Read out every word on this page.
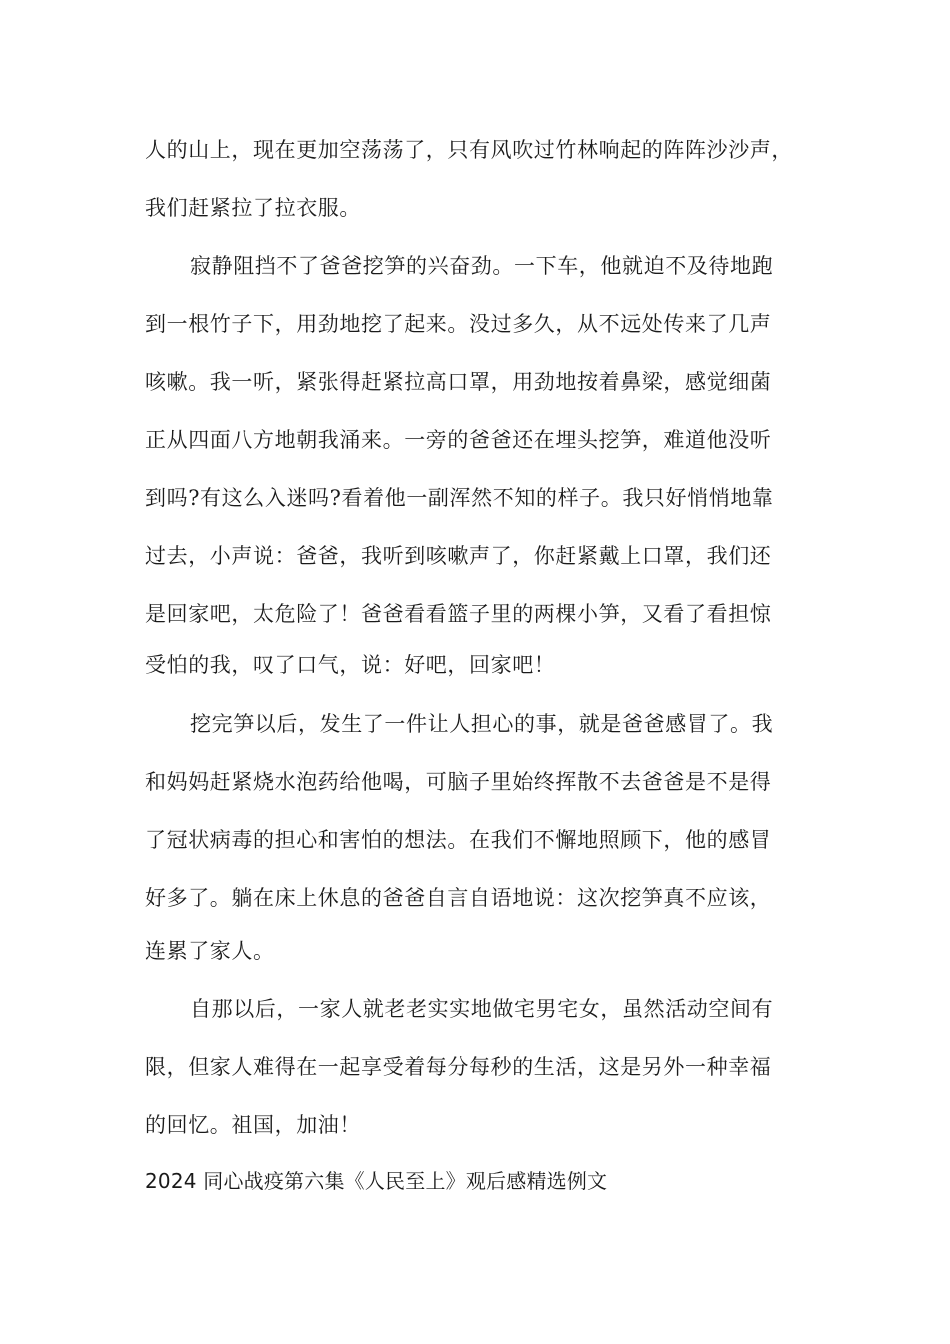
人的山上，现在更加空荡荡了，只有风吹过竹林响起的阵阵沙沙声，
我们赶紧拉了拉衣服。
寂静阻挡不了爸爸挖笋的兴奋劲。一下车，他就迫不及待地跑
到一根竹子下，用劲地挖了起来。没过多久，从不远处传来了几声
咳嗽。我一听，紧张得赶紧拉高口罩，用劲地按着鼻梁，感觉细菌
正从四面八方地朝我涌来。一旁的爸爸还在埋头挖笋，难道他没听
到吗?有这么入迷吗?看着他一副浑然不知的样子。我只好悄悄地靠
过去，小声说：爸爸，我听到咳嗽声了，你赶紧戴上口罩，我们还
是回家吧，太危险了！爸爸看看篮子里的两棵小笋，又看了看担惊
受怕的我，叹了口气，说：好吧，回家吧！
挖完笋以后，发生了一件让人担心的事，就是爸爸感冒了。我
和妈妈赶紧烧水泡药给他喝，可脑子里始终挥散不去爸爸是不是得
了冠状病毒的担心和害怕的想法。在我们不懈地照顾下，他的感冒
好多了。躺在床上休息的爸爸自言自语地说：这次挖笋真不应该，
连累了家人。
自那以后，一家人就老老实实地做宅男宅女，虽然活动空间有
限，但家人难得在一起享受着每分每秒的生活，这是另外一种幸福
的回忆。祖国，加油！
2024 同心战疫第六集《人民至上》观后感精选例文
